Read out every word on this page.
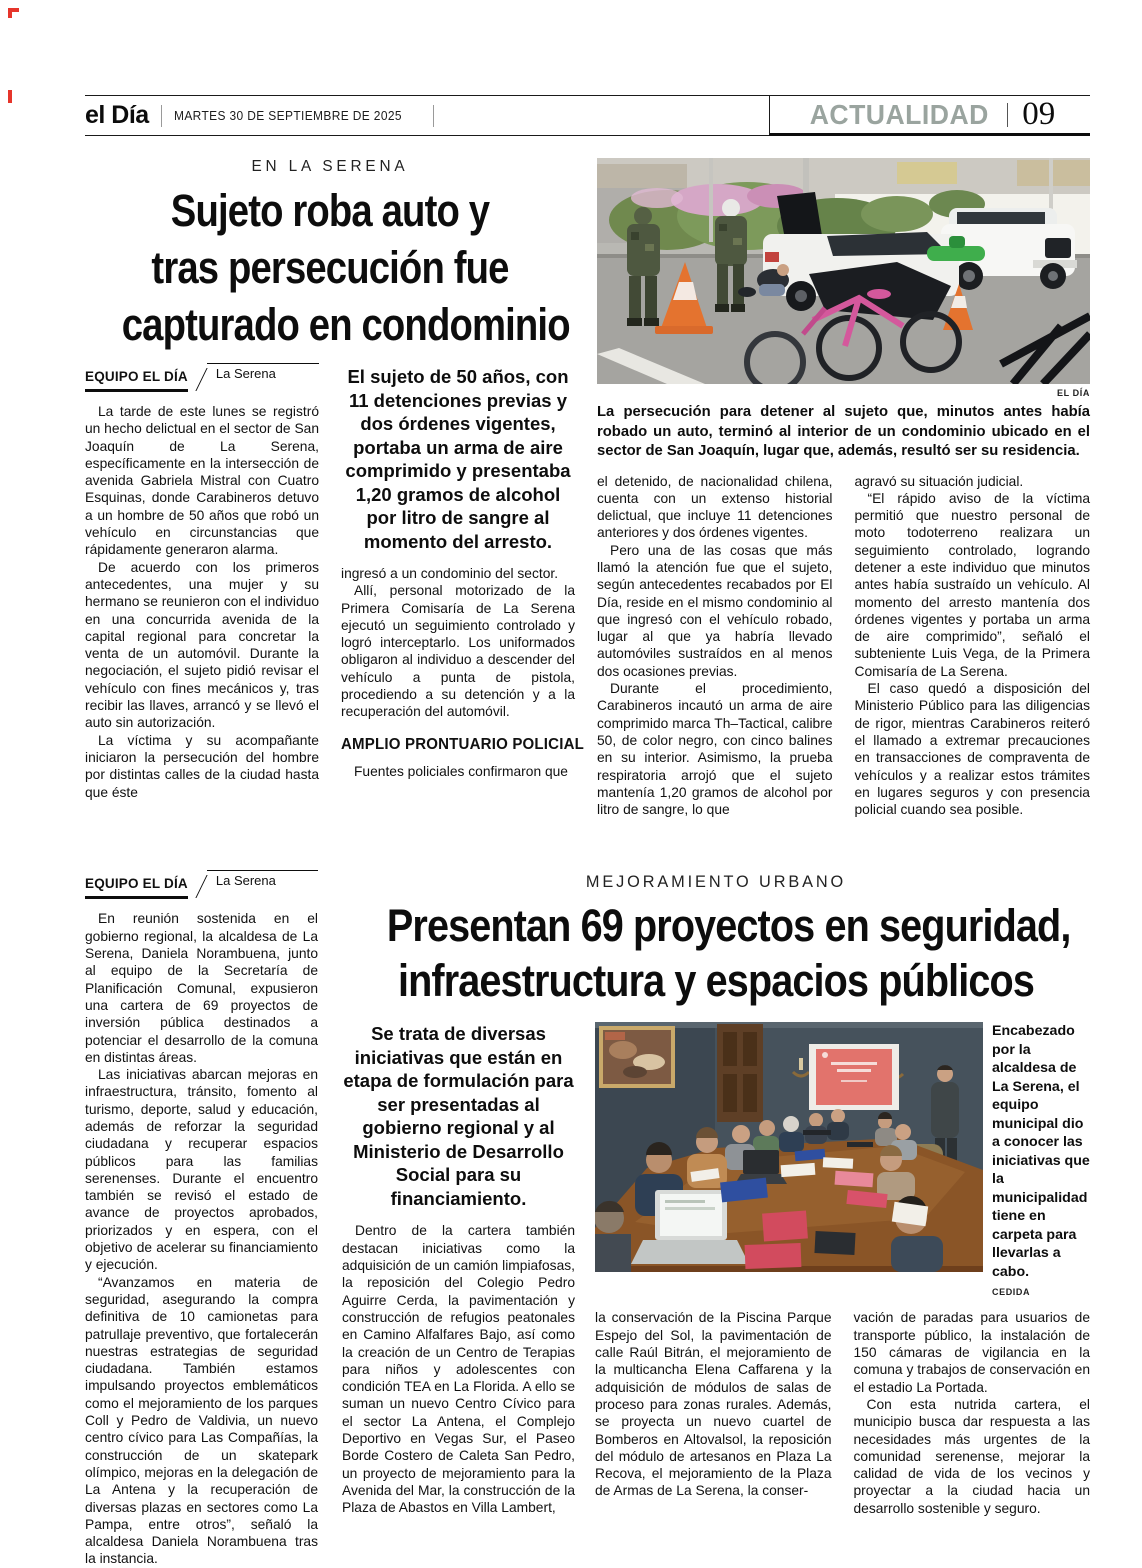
el Día MARTES 30 DE SEPTIEMBRE DE 2025	ACTUALIDAD 09
EN LA SERENA
Sujeto roba auto y
tras persecución fue
capturado en condominio
EQUIPO EL DÍA	La Serena

La tarde de este lunes se registró un hecho delictual en el sector de San Joaquín de La Serena, específicamente en la intersección de avenida Gabriela Mistral con Cuatro Esquinas, donde Carabineros detuvo a un hombre de 50 años que robó un vehículo en circunstancias que rápidamente generaron alarma.

De acuerdo con los primeros antecedentes, una mujer y su hermano se reunieron con el individuo en una concurrida avenida de la capital regional para concretar la venta de un automóvil. Durante la negociación, el sujeto pidió revisar el vehículo con fines mecánicos y, tras recibir las llaves, arrancó y se llevó el auto sin autorización.

La víctima y su acompañante iniciaron la persecución del hombre por distintas calles de la ciudad hasta que éste

El sujeto de 50 años, con 11 detenciones previas y dos órdenes vigentes, portaba un arma de aire comprimido y presentaba 1,20 gramos de alcohol por litro de sangre al momento del arresto.

ingresó a un condominio del sector.

Allí, personal motorizado de la Primera Comisaría de La Serena ejecutó un seguimiento controlado y logró interceptarlo. Los uniformados obligaron al individuo a descender del vehículo a punta de pistola, procediendo a su detención y a la recuperación del automóvil.

AMPLIO PRONTUARIO POLICIAL

Fuentes policiales confirmaron que

EL DÍA
La persecución para detener al sujeto que, minutos antes había robado un auto, terminó al interior de un condominio ubicado en el sector de San Joaquín, lugar que, además, resultó ser su residencia.

el detenido, de nacionalidad chilena, cuenta con un extenso historial delictual, que incluye 11 detenciones anteriores y dos órdenes vigentes.

Pero una de las cosas que más llamó la atención fue que el sujeto, según antecedentes recabados por El Día, reside en el mismo condominio al que ingresó con el vehículo robado, lugar al que ya habría llevado automóviles sustraídos en al menos dos ocasiones previas.

Durante el procedimiento, Carabineros incautó un arma de aire comprimido marca Th–Tactical, calibre 50, de color negro, con cinco balines en su interior. Asimismo, la prueba respiratoria arrojó que el sujeto mantenía 1,20 gramos de alcohol por litro de sangre, lo que

agravó su situación judicial.

“El rápido aviso de la víctima permitió que nuestro personal de moto todoterreno realizara un seguimiento controlado, logrando detener a este individuo que minutos antes había sustraído un vehículo. Al momento del arresto mantenía dos órdenes vigentes y portaba un arma de aire comprimido”, señaló el subteniente Luis Vega, de la Primera Comisaría de La Serena.

El caso quedó a disposición del Ministerio Público para las diligencias de rigor, mientras Carabineros reiteró el llamado a extremar precauciones en transacciones de compraventa de vehículos y a realizar estos trámites en lugares seguros y con presencia policial cuando sea posible.

EQUIPO EL DÍA	La Serena

En reunión sostenida en el gobierno regional, la alcaldesa de La Serena, Daniela Norambuena, junto al equipo de la Secretaría de Planificación Comunal, expusieron una cartera de 69 proyectos de inversión pública destinados a potenciar el desarrollo de la comuna en distintas áreas.

Las iniciativas abarcan mejoras en infraestructura, tránsito, fomento al turismo, deporte, salud y educación, además de reforzar la seguridad ciudadana y recuperar espacios públicos para las familias serenenses. Durante el encuentro también se revisó el estado de avance de proyectos aprobados, priorizados y en espera, con el objetivo de acelerar su financiamiento y ejecución.

“Avanzamos en materia de seguridad, asegurando la compra definitiva de 10 camionetas para patrullaje preventivo, que fortalecerán nuestras estrategias de seguridad ciudadana. También estamos impulsando proyectos emblemáticos como el mejoramiento de los parques Coll y Pedro de Valdivia, un nuevo centro cívico para Las Compañías, la construcción de un skatepark olímpico, mejoras en la delegación de La Antena y la recuperación de diversas plazas en sectores como La Pampa, entre otros”, señaló la alcaldesa Daniela Norambuena tras la instancia.

MEJORAMIENTO URBANO
Presentan 69 proyectos en seguridad,
infraestructura y espacios públicos
Se trata de diversas iniciativas que están en etapa de formulación para ser presentadas al gobierno regional y al Ministerio de Desarrollo Social para su financiamiento.

Dentro de la cartera también destacan iniciativas como la adquisición de un camión limpiafosas, la reposición del Colegio Pedro Aguirre Cerda, la pavimentación y construcción de refugios peatonales en Camino Alfalfares Bajo, así como la creación de un Centro de Terapias para niños y adolescentes con condición TEA en La Florida. A ello se suman un nuevo Centro Cívico para el sector La Antena, el Complejo Deportivo en Vegas Sur, el Paseo Borde Costero de Caleta San Pedro, un proyecto de mejoramiento para la Avenida del Mar, la construcción de la Plaza de Abastos en Villa Lambert,

Encabezado por la alcaldesa de La Serena, el equipo municipal dio a conocer las iniciativas que la municipalidad tiene en carpeta para llevarlas a cabo.
CEDIDA

la conservación de la Piscina Parque Espejo del Sol, la pavimentación de calle Raúl Bitrán, el mejoramiento de la multicancha Elena Caffarena y la adquisición de módulos de salas de proceso para zonas rurales. Además, se proyecta un nuevo cuartel de Bomberos en Altovalsol, la reposición del módulo de artesanos en Plaza La Recova, el mejoramiento de la Plaza de Armas de La Serena, la conser-

vación de paradas para usuarios de transporte público, la instalación de 150 cámaras de vigilancia en la comuna y trabajos de conservación en el estadio La Portada.

Con esta nutrida cartera, el municipio busca dar respuesta a las necesidades más urgentes de la comunidad serenense, mejorar la calidad de vida de los vecinos y proyectar a la ciudad hacia un desarrollo sostenible y seguro.
